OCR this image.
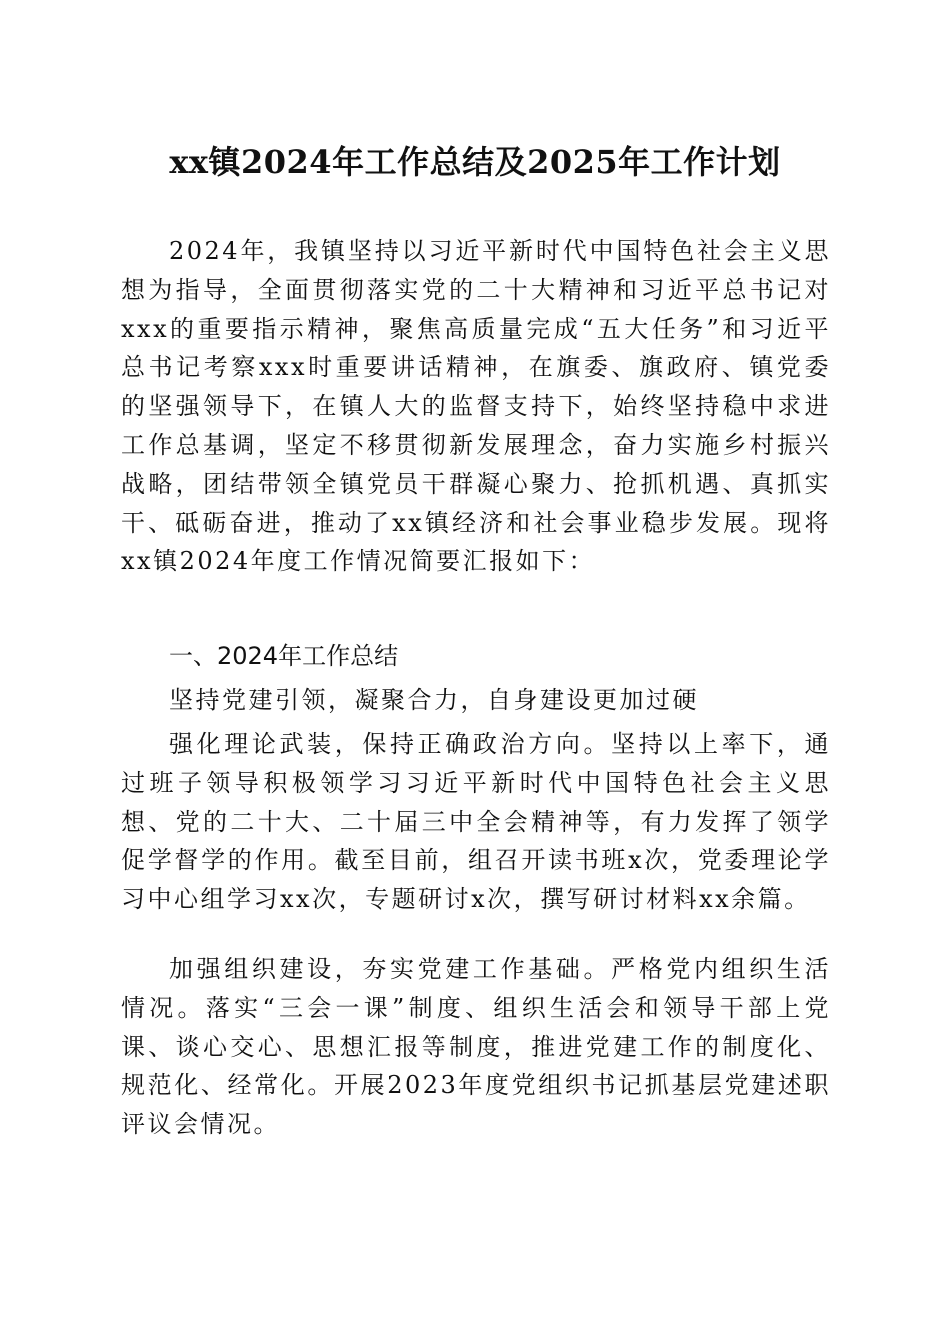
xx镇2024年工作总结及2025年工作计划

2024年，我镇坚持以习近平新时代中国特色社会主义思想为指导，全面贯彻落实党的二十大精神和习近平总书记对xxx的重要指示精神，聚焦高质量完成“五大任务”和习近平总书记考察xxx时重要讲话精神，在旗委、旗政府、镇党委的坚强领导下，在镇人大的监督支持下，始终坚持稳中求进工作总基调，坚定不移贯彻新发展理念，奋力实施乡村振兴战略，团结带领全镇党员干群凝心聚力、抢抓机遇、真抓实干、砥砺奋进，推动了xx镇经济和社会事业稳步发展。现将xx镇2024年度工作情况简要汇报如下：

一、2024年工作总结

坚持党建引领，凝聚合力，自身建设更加过硬

强化理论武装，保持正确政治方向。坚持以上率下，通过班子领导积极领学习习近平新时代中国特色社会主义思想、党的二十大、二十届三中全会精神等，有力发挥了领学促学督学的作用。截至目前，组召开读书班x次，党委理论学习中心组学习xx次，专题研讨x次，撰写研讨材料xx余篇。

加强组织建设，夯实党建工作基础。严格党内组织生活情况。落实“三会一课”制度、组织生活会和领导干部上党课、谈心交心、思想汇报等制度，推进党建工作的制度化、规范化、经常化。开展2023年度党组织书记抓基层党建述职评议会情况。
